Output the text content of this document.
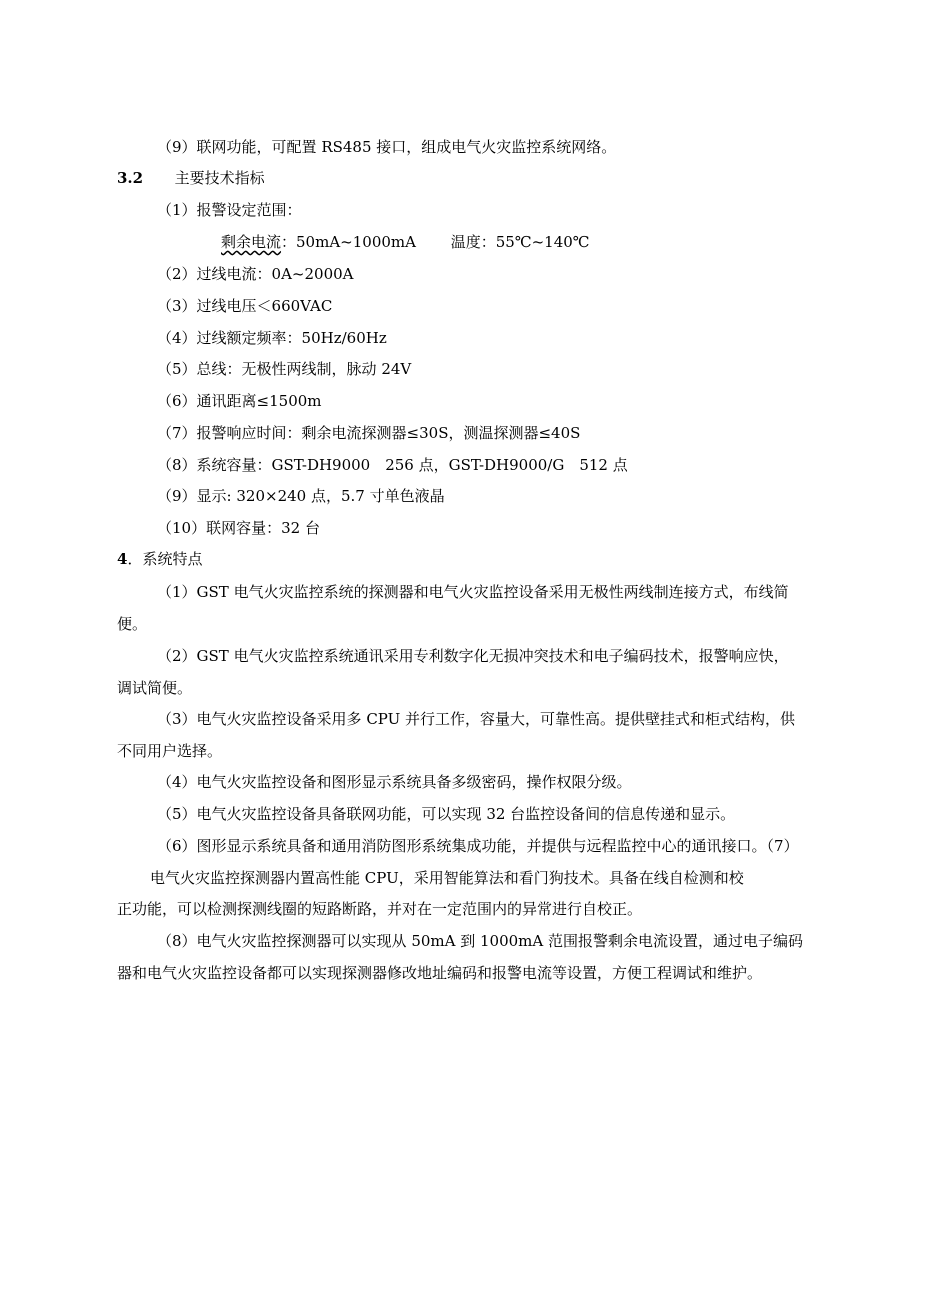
（9）联网功能，可配置 RS485 接口，组成电气火灾监控系统网络。
3.2 主要技术指标
（1）报警设定范围：
剩余电流：50mA~1000mA　　 温度：55℃~140℃
（2）过线电流：0A~2000A
（3）过线电压＜660VAC
（4）过线额定频率：50Hz/60Hz
（5）总线：无极性两线制，脉动 24V
（6）通讯距离≤1500m
（7）报警响应时间：剩余电流探测器≤30S，测温探测器≤40S
（8）系统容量：GST-DH9000　256 点，GST-DH9000/G　512 点
（9）显示: 320×240 点，5.7 寸单色液晶
（10）联网容量：32 台
4．系统特点
（1）GST 电气火灾监控系统的探测器和电气火灾监控设备采用无极性两线制连接方式，布线简
便。
（2）GST 电气火灾监控系统通讯采用专利数字化无损冲突技术和电子编码技术，报警响应快，
调试简便。
（3）电气火灾监控设备采用多 CPU 并行工作，容量大，可靠性高。提供壁挂式和柜式结构，供
不同用户选择。
（4）电气火灾监控设备和图形显示系统具备多级密码，操作权限分级。
（5）电气火灾监控设备具备联网功能，可以实现 32 台监控设备间的信息传递和显示。
（6）图形显示系统具备和通用消防图形系统集成功能，并提供与远程监控中心的通讯接口。（7）
电气火灾监控探测器内置高性能 CPU，采用智能算法和看门狗技术。具备在线自检测和校
正功能，可以检测探测线圈的短路断路，并对在一定范围内的异常进行自校正。
（8）电气火灾监控探测器可以实现从 50mA 到 1000mA 范围报警剩余电流设置，通过电子编码
器和电气火灾监控设备都可以实现探测器修改地址编码和报警电流等设置，方便工程调试和维护。
